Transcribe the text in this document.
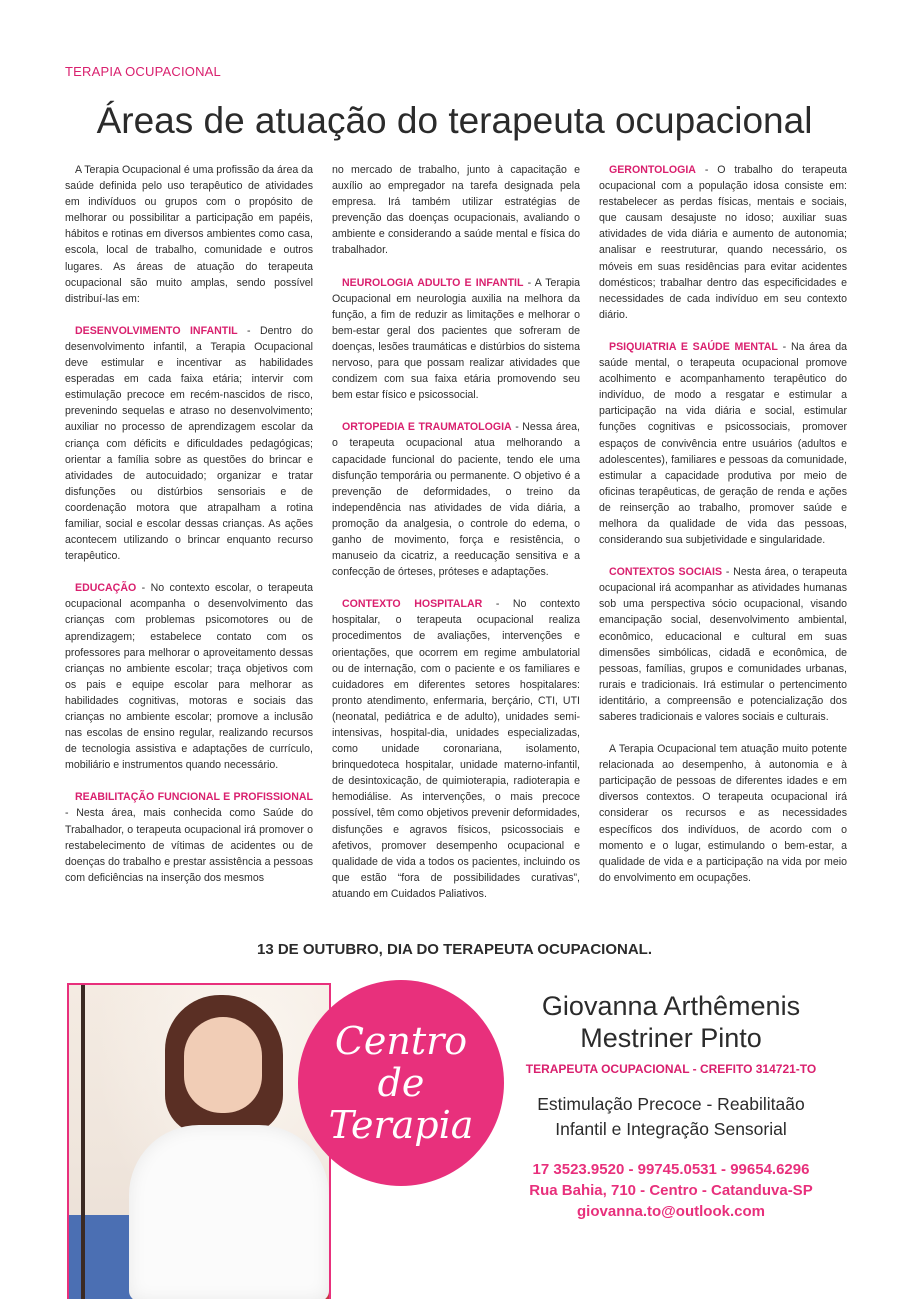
TERAPIA OCUPACIONAL
Áreas de atuação do terapeuta ocupacional

A Terapia Ocupacional é uma profissão da área da saúde definida pelo uso terapêutico de atividades em indivíduos ou grupos com o propósito de melhorar ou possibilitar a participação em papéis, hábitos e rotinas em diversos ambientes como casa, escola, local de trabalho, comunidade e outros lugares. As áreas de atuação do terapeuta ocupacional são muito amplas, sendo possível distribuí-las em:

DESENVOLVIMENTO INFANTIL - Dentro do desenvolvimento infantil, a Terapia Ocupacional deve estimular e incentivar as habilidades esperadas em cada faixa etária; intervir com estimulação precoce em recém-nascidos de risco, prevenindo sequelas e atraso no desenvolvimento; auxiliar no processo de aprendizagem escolar da criança com déficits e dificuldades pedagógicas; orientar a família sobre as questões do brincar e atividades de autocuidado; organizar e tratar disfunções ou distúrbios sensoriais e de coordenação motora que atrapalham a rotina familiar, social e escolar dessas crianças. As ações acontecem utilizando o brincar enquanto recurso terapêutico.

EDUCAÇÃO - No contexto escolar, o terapeuta ocupacional acompanha o desenvolvimento das crianças com problemas psicomotores ou de aprendizagem; estabelece contato com os professores para melhorar o aproveitamento dessas crianças no ambiente escolar; traça objetivos com os pais e equipe escolar para melhorar as habilidades cognitivas, motoras e sociais das crianças no ambiente escolar; promove a inclusão nas escolas de ensino regular, realizando recursos de tecnologia assistiva e adaptações de currículo, mobiliário e instrumentos quando necessário.

REABILITAÇÃO FUNCIONAL E PROFISSIONAL - Nesta área, mais conhecida como Saúde do Trabalhador, o terapeuta ocupacional irá promover o restabelecimento de vítimas de acidentes ou de doenças do trabalho e prestar assistência a pessoas com deficiências na inserção dos mesmos

no mercado de trabalho, junto à capacitação e auxílio ao empregador na tarefa designada pela empresa. Irá também utilizar estratégias de prevenção das doenças ocupacionais, avaliando o ambiente e considerando a saúde mental e física do trabalhador.

NEUROLOGIA ADULTO E INFANTIL - A Terapia Ocupacional em neurologia auxilia na melhora da função, a fim de reduzir as limitações e melhorar o bem-estar geral dos pacientes que sofreram de doenças, lesões traumáticas e distúrbios do sistema nervoso, para que possam realizar atividades que condizem com sua faixa etária promovendo seu bem estar físico e psicossocial.

ORTOPEDIA E TRAUMATOLOGIA - Nessa área, o terapeuta ocupacional atua melhorando a capacidade funcional do paciente, tendo ele uma disfunção temporária ou permanente. O objetivo é a prevenção de deformidades, o treino da independência nas atividades de vida diária, a promoção da analgesia, o controle do edema, o ganho de movimento, força e resistência, o manuseio da cicatriz, a reeducação sensitiva e a confecção de órteses, próteses e adaptações.

CONTEXTO HOSPITALAR - No contexto hospitalar, o terapeuta ocupacional realiza procedimentos de avaliações, intervenções e orientações, que ocorrem em regime ambulatorial ou de internação, com o paciente e os familiares e cuidadores em diferentes setores hospitalares: pronto atendimento, enfermaria, berçário, CTI, UTI (neonatal, pediátrica e de adulto), unidades semi-intensivas, hospital-dia, unidades especializadas, como unidade coronariana, isolamento, brinquedoteca hospitalar, unidade materno-infantil, de desintoxicação, de quimioterapia, radioterapia e hemodiálise. As intervenções, o mais precoce possível, têm como objetivos prevenir deformidades, disfunções e agravos físicos, psicossociais e afetivos, promover desempenho ocupacional e qualidade de vida a todos os pacientes, incluindo os que estão “fora de possibilidades curativas”, atuando em Cuidados Paliativos.

GERONTOLOGIA - O trabalho do terapeuta ocupacional com a população idosa consiste em: restabelecer as perdas físicas, mentais e sociais, que causam desajuste no idoso; auxiliar suas atividades de vida diária e aumento de autonomia; analisar e reestruturar, quando necessário, os móveis em suas residências para evitar acidentes domésticos; trabalhar dentro das especificidades e necessidades de cada indivíduo em seu contexto diário.

PSIQUIATRIA E SAÚDE MENTAL - Na área da saúde mental, o terapeuta ocupacional promove acolhimento e acompanhamento terapêutico do indivíduo, de modo a resgatar e estimular a participação na vida diária e social, estimular funções cognitivas e psicossociais, promover espaços de convivência entre usuários (adultos e adolescentes), familiares e pessoas da comunidade, estimular a capacidade produtiva por meio de oficinas terapêuticas, de geração de renda e ações de reinserção ao trabalho, promover saúde e melhora da qualidade de vida das pessoas, considerando sua subjetividade e singularidade.

CONTEXTOS SOCIAIS - Nesta área, o terapeuta ocupacional irá acompanhar as atividades humanas sob uma perspectiva sócio ocupacional, visando emancipação social, desenvolvimento ambiental, econômico, educacional e cultural em suas dimensões simbólicas, cidadã e econômica, de pessoas, famílias, grupos e comunidades urbanas, rurais e tradicionais. Irá estimular o pertencimento identitário, a compreensão e potencialização dos saberes tradicionais e valores sociais e culturais.

A Terapia Ocupacional tem atuação muito potente relacionada ao desempenho, à autonomia e à participação de pessoas de diferentes idades e em diversos contextos. O terapeuta ocupacional irá considerar os recursos e as necessidades específicos dos indivíduos, de acordo com o momento e o lugar, estimulando o bem-estar, a qualidade de vida e a participação na vida por meio do envolvimento em ocupações.

13 DE OUTUBRO, DIA DO TERAPEUTA OCUPACIONAL.
Centro
de
Terapia
Giovanna Arthêmenis
Mestriner Pinto
TERAPEUTA OCUPACIONAL - CREFITO 314721-TO
Estimulação Precoce - Reabilitaão
Infantil e Integração Sensorial
17 3523.9520 - 99745.0531 - 99654.6296
Rua Bahia, 710 - Centro - Catanduva-SP
giovanna.to@outlook.com
